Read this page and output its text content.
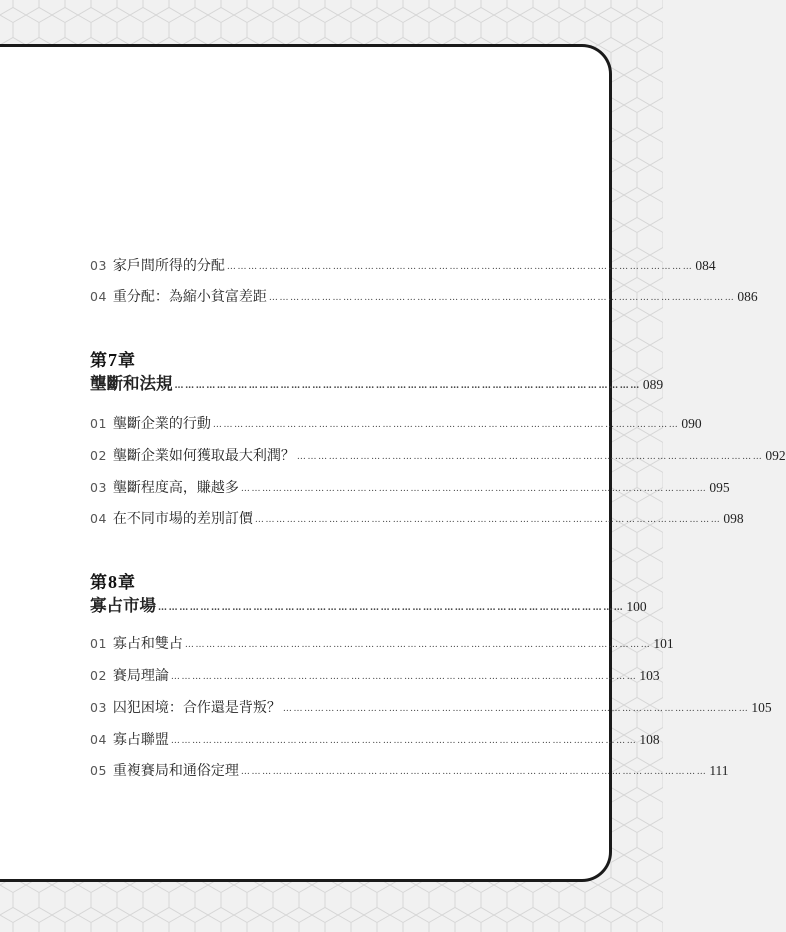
03 家戶間所得的分配 …………………………………………………………………………………………………………………… 084
04 重分配：為縮小貧富差距 …………………………………………………………………………………………………………………… 086
第7章
壟斷和法規 …………………………………………………………………………………………………………………… 089
01 壟斷企業的行動 …………………………………………………………………………………………………………………… 090
02 壟斷企業如何獲取最大利潤？ …………………………………………………………………………………………………………………… 092
03 壟斷程度高，賺越多 …………………………………………………………………………………………………………………… 095
04 在不同市場的差別訂價 …………………………………………………………………………………………………………………… 098
第8章
寡占市場 …………………………………………………………………………………………………………………… 100
01 寡占和雙占 …………………………………………………………………………………………………………………… 101
02 賽局理論 …………………………………………………………………………………………………………………… 103
03 囚犯困境：合作還是背叛？ …………………………………………………………………………………………………………………… 105
04 寡占聯盟 …………………………………………………………………………………………………………………… 108
05 重複賽局和通俗定理 …………………………………………………………………………………………………………………… 111
